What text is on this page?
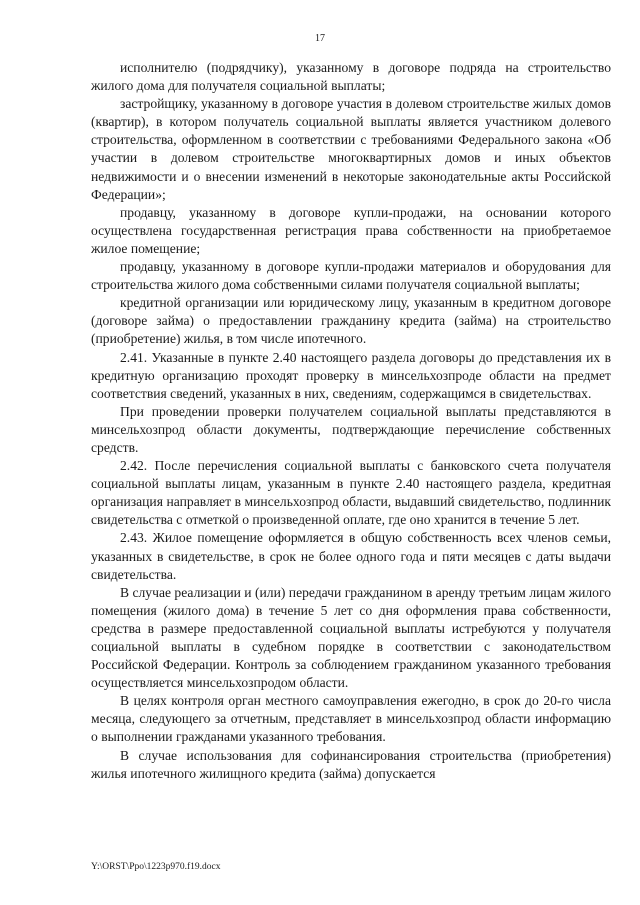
17

исполнителю (подрядчику), указанному в договоре подряда на строительство жилого дома для получателя социальной выплаты;

застройщику, указанному в договоре участия в долевом строительстве жилых домов (квартир), в котором получатель социальной выплаты является участником долевого строительства, оформленном в соответствии с требованиями Федерального закона «Об участии в долевом строительстве многоквартирных домов и иных объектов недвижимости и о внесении изменений в некоторые законодательные акты Российской Федерации»;

продавцу, указанному в договоре купли-продажи, на основании которого осуществлена государственная регистрация права собственности на приобретаемое жилое помещение;

продавцу, указанному в договоре купли-продажи материалов и оборудования для строительства жилого дома собственными силами получателя социальной выплаты;

кредитной организации или юридическому лицу, указанным в кредитном договоре (договоре займа) о предоставлении гражданину кредита (займа) на строительство (приобретение) жилья, в том числе ипотечного.

2.41. Указанные в пункте 2.40 настоящего раздела договоры до представления их в кредитную организацию проходят проверку в минсельхозпроде области на предмет соответствия сведений, указанных в них, сведениям, содержащимся в свидетельствах.

При проведении проверки получателем социальной выплаты представляются в минсельхозпрод области документы, подтверждающие перечисление собственных средств.

2.42. После перечисления социальной выплаты с банковского счета получателя социальной выплаты лицам, указанным в пункте 2.40 настоящего раздела, кредитная организация направляет в минсельхозпрод области, выдавший свидетельство, подлинник свидетельства с отметкой о произведенной оплате, где оно хранится в течение 5 лет.

2.43. Жилое помещение оформляется в общую собственность всех членов семьи, указанных в свидетельстве, в срок не более одного года и пяти месяцев с даты выдачи свидетельства.

В случае реализации и (или) передачи гражданином в аренду третьим лицам жилого помещения (жилого дома) в течение 5 лет со дня оформления права собственности, средства в размере предоставленной социальной выплаты истребуются у получателя социальной выплаты в судебном порядке в соответствии с законодательством Российской Федерации. Контроль за соблюдением гражданином указанного требования осуществляется минсельхозпродом области.

В целях контроля орган местного самоуправления ежегодно, в срок до 20-го числа месяца, следующего за отчетным, представляет в минсельхозпрод области информацию о выполнении гражданами указанного требования.

В случае использования для софинансирования строительства (приобретения) жилья ипотечного жилищного кредита (займа) допускается

Y:\ORST\Ppo\1223p970.f19.docx
